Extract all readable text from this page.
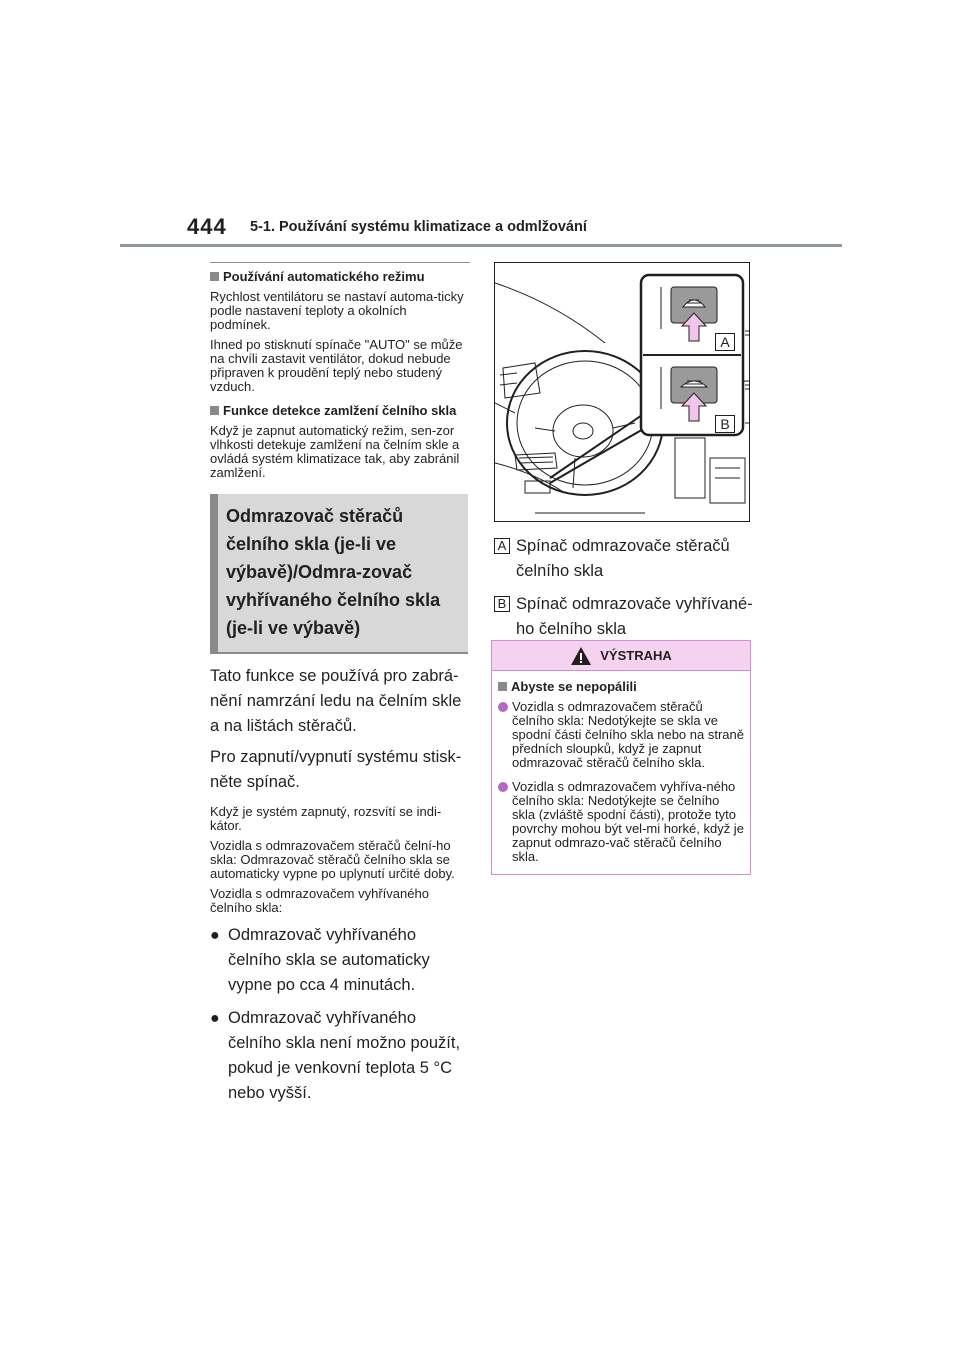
444 5-1. Používání systému klimatizace a odmlžování
Používání automatického režimu

Rychlost ventilátoru se nastaví automa-ticky podle nastavení teploty a okolních podmínek.

Ihned po stisknutí spínače "AUTO" se může na chvíli zastavit ventilátor, dokud nebude připraven k proudění teplý nebo studený vzduch.

Funkce detekce zamlžení čelního skla

Když je zapnut automatický režim, sen-zor vlhkosti detekuje zamlžení na čelním skle a ovládá systém klimatizace tak, aby zabránil zamlžení.

Odmrazovač stěračů čelního skla (je-li ve výbavě)/Odmra-zovač vyhřívaného čelního skla (je-li ve výbavě)

Tato funkce se používá pro zabrá-nění namrzání ledu na čelním skle a na lištách stěračů.

Pro zapnutí/vypnutí systému stisk-něte spínač.

Když je systém zapnutý, rozsvítí se indi-kátor.

Vozidla s odmrazovačem stěračů čelní-ho skla: Odmrazovač stěračů čelního skla se automaticky vypne po uplynutí určité doby.

Vozidla s odmrazovačem vyhřívaného čelního skla:

● Odmrazovač vyhřívaného čelního skla se automaticky vypne po cca 4 minutách.
● Odmrazovač vyhřívaného čelního skla není možno použít, pokud je venkovní teplota 5 °C nebo vyšší.
A
B
A Spínač odmrazovače stěračů čelního skla
B Spínač odmrazovače vyhřívané-ho čelního skla
VÝSTRAHA
Abyste se nepopálili
Vozidla s odmrazovačem stěračů čelního skla: Nedotýkejte se skla ve spodní části čelního skla nebo na straně předních sloupků, když je zapnut odmrazovač stěračů čelního skla.
Vozidla s odmrazovačem vyhříva-ného čelního skla: Nedotýkejte se čelního skla (zvláště spodní části), protože tyto povrchy mohou být vel-mi horké, když je zapnut odmrazo-vač stěračů čelního skla.
